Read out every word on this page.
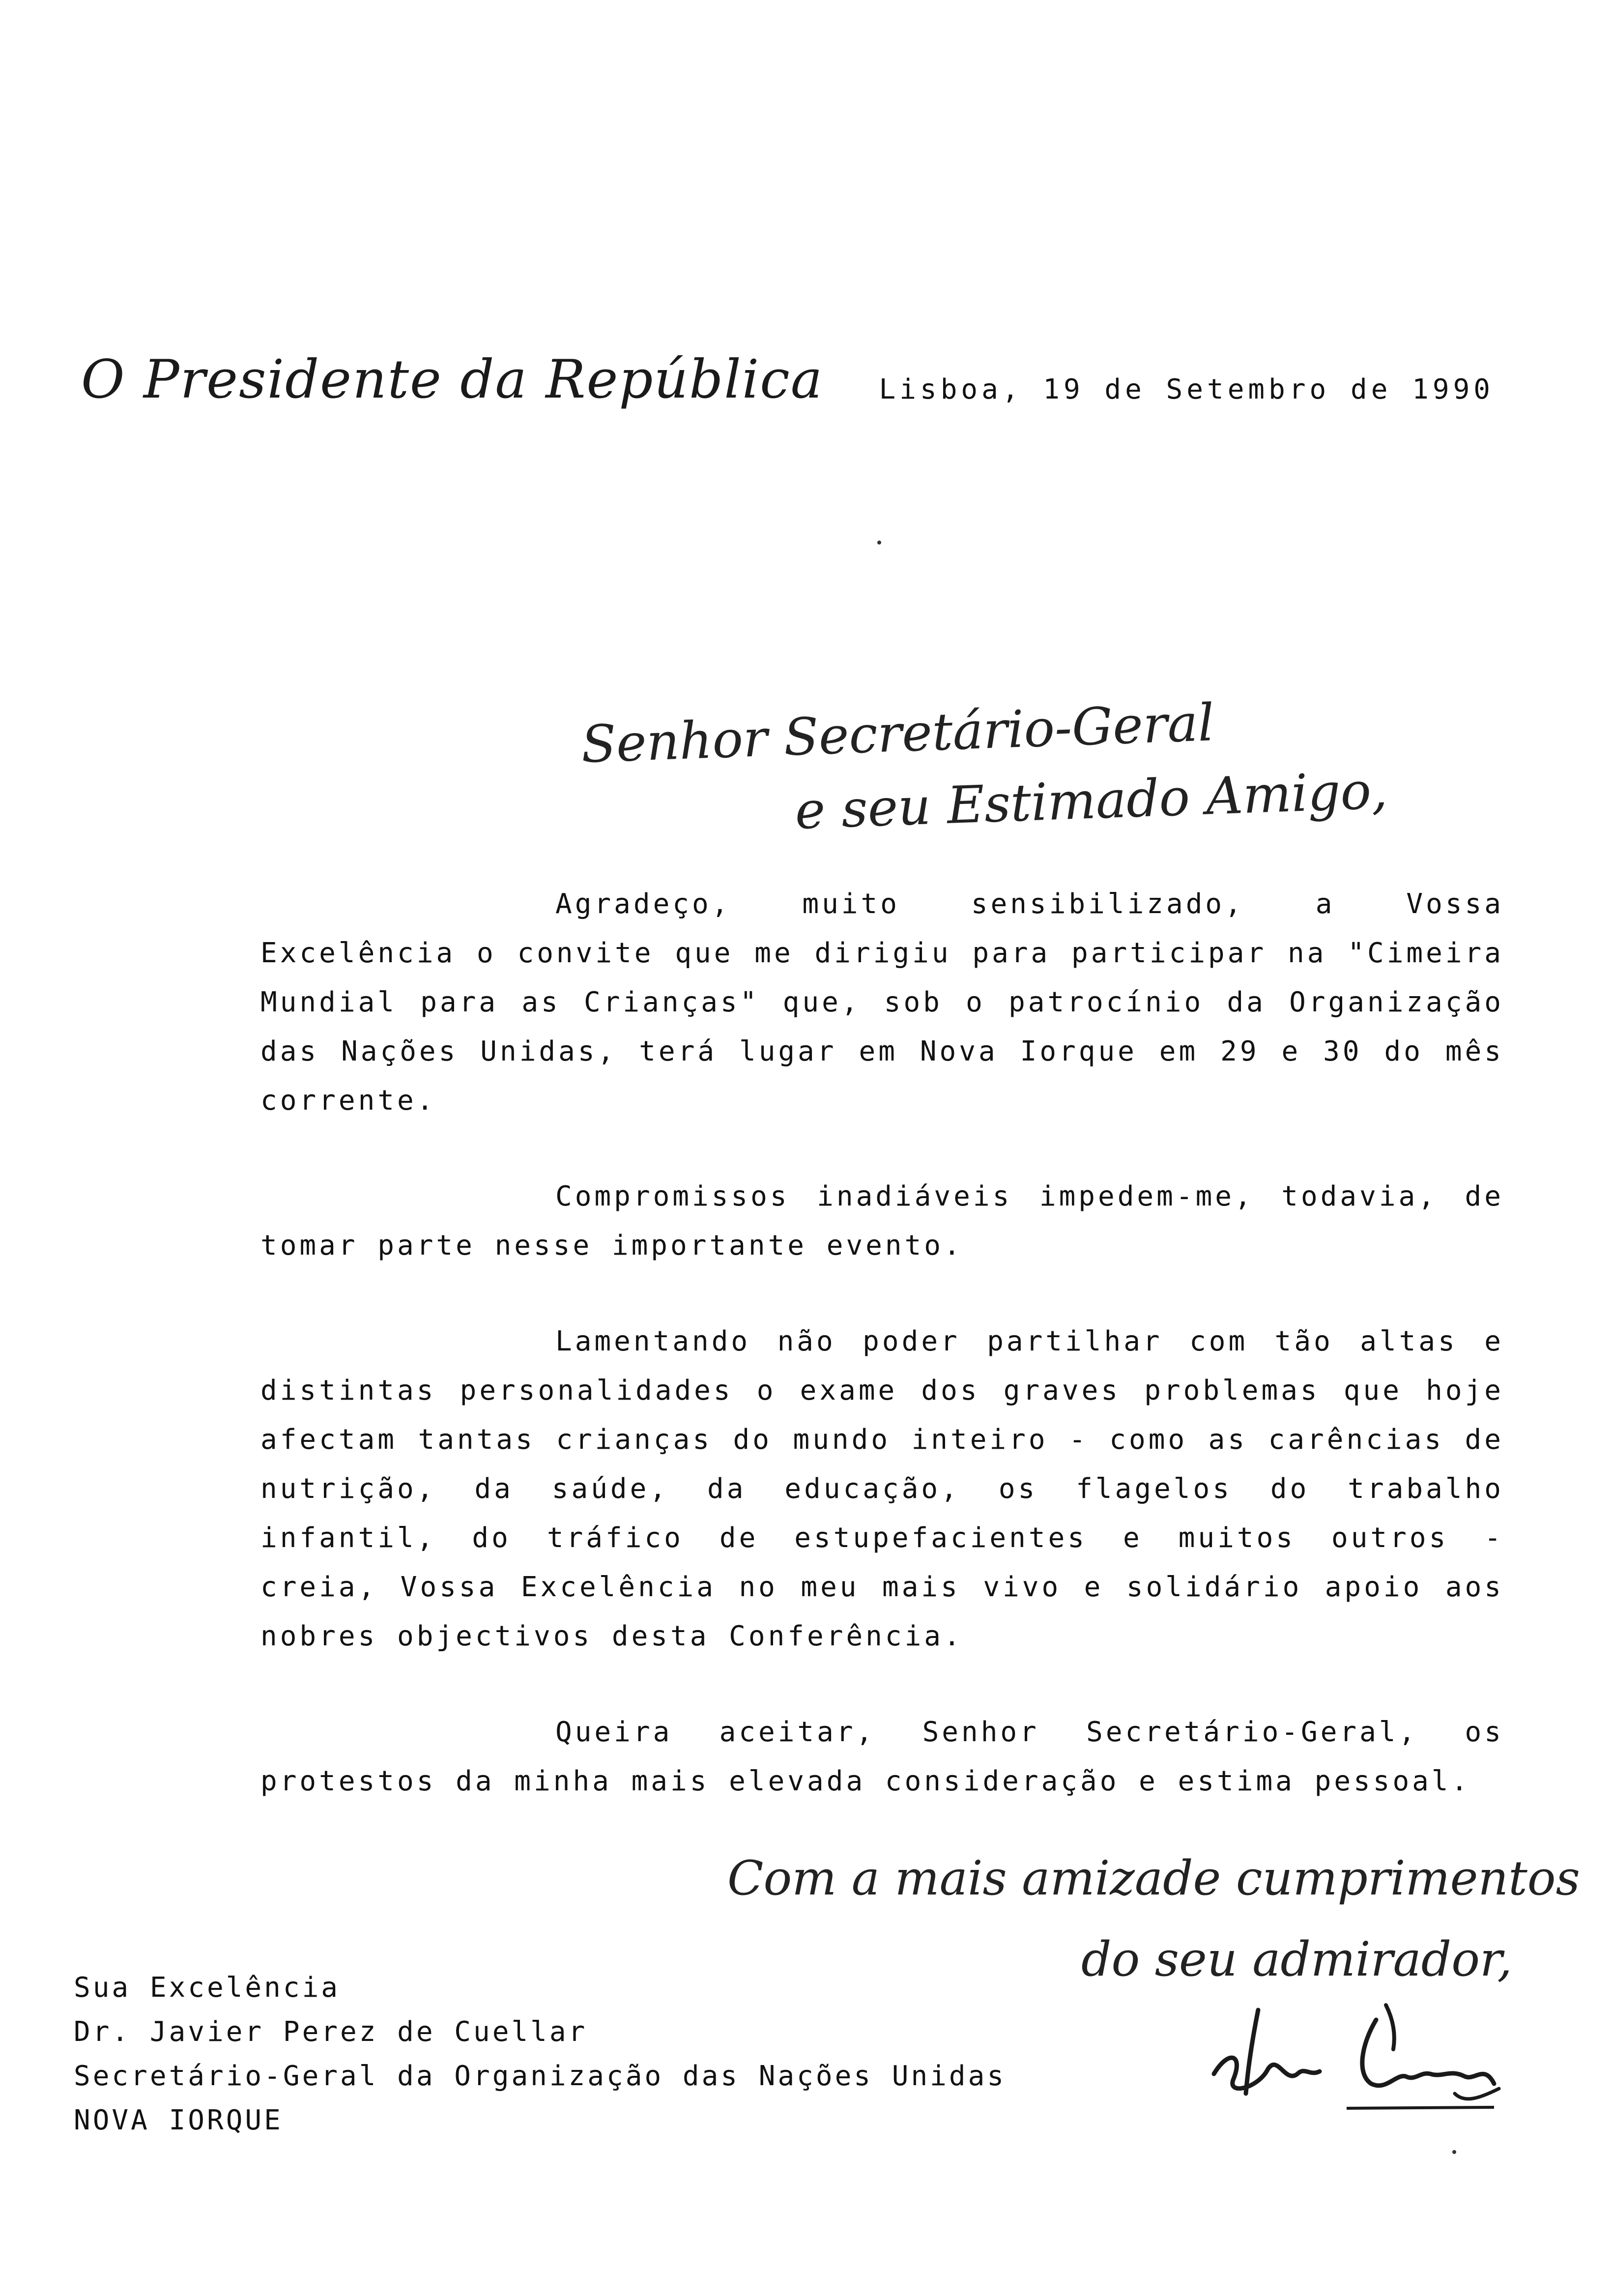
O Presidente da República Lisboa, 19 de Setembro de 1990
Senhor Secretário-Geral
e seu Estimado Amigo,

Agradeço, muito sensibilizado, a Vossa Excelência o convite que me dirigiu para participar na "Cimeira Mundial para as Crianças" que, sob o patrocínio da Organização das Nações Unidas, terá lugar em Nova Iorque em 29 e 30 do mês corrente.

Compromissos inadiáveis impedem-me, todavia, de tomar parte nesse importante evento.

Lamentando não poder partilhar com tão altas e distintas personalidades o exame dos graves problemas que hoje afectam tantas crianças do mundo inteiro - como as carências de nutrição, da saúde, da educação, os flagelos do trabalho infantil, do tráfico de estupefacientes e muitos outros - creia, Vossa Excelência no meu mais vivo e solidário apoio aos nobres objectivos desta Conferência.

Queira aceitar, Senhor Secretário-Geral, os protestos da minha mais elevada consideração e estima pessoal.

Com a mais amizade cumprimentos
do seu admirador,
Sua Excelência
Dr. Javier Perez de Cuellar
Secretário-Geral da Organização das Nações Unidas
NOVA IORQUE
